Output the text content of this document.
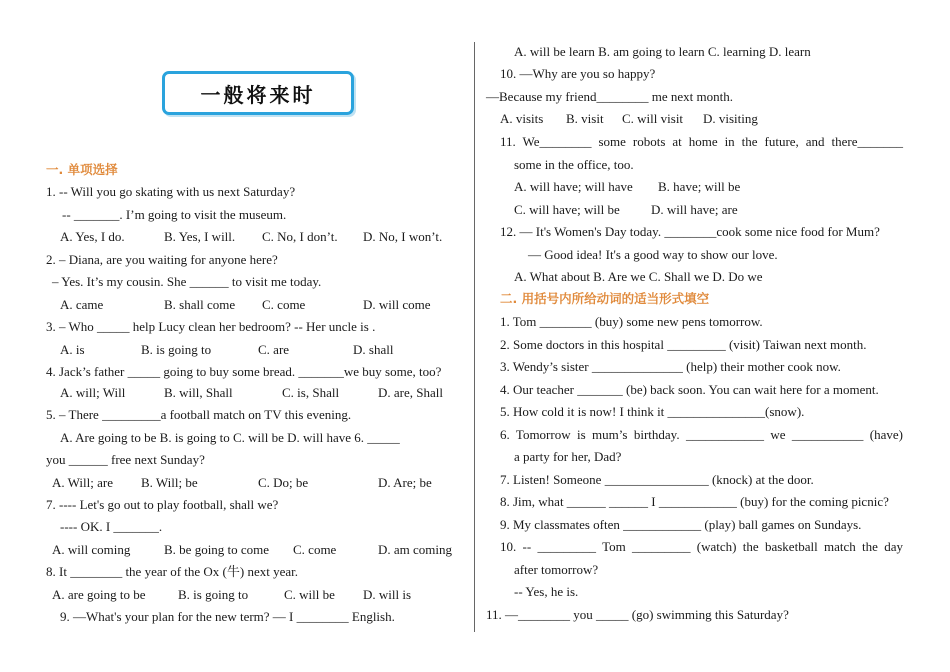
一般将来时
一. 单项选择
1. -- Will you go skating with us next Saturday?
-- _______. I’m going to visit the museum.
A. Yes, I do.	B. Yes, I will. C. No, I don’t. D. No, I won’t.
2. – Diana, are you waiting for anyone here?
– Yes. It’s my cousin. She ______ to visit me today.
A. came	B. shall come C. come	D. will come
3. – Who _____ help Lucy clean her bedroom? -- Her uncle is .
A. is	B. is going to	C. are	D. shall
4. Jack’s father _____ going to buy some bread. _______we buy some, too?
A. will; Will	B. will, Shall	C. is, Shall	D. are, Shall
5. – There _________a football match on TV this evening.
A. Are going to be B. is going to C. will be D. will have 6. _____
you ______ free next Sunday?
A. Will; are B. Will; be	C. Do; be	D. Are; be
7. ---- Let's go out to play football, shall we?
---- OK. I _______.
A. will coming	B. be going to come C. come	D. am coming
8. It ________ the year of the Ox (牛) next year.
A. are going to be B. is going to	C. will be D. will is
9. —What's your plan for the new term? — I ________ English.
A. will be learn B. am going to learn C. learning D. learn
10. —Why are you so happy?
—Because my friend________ me next month.
A. visits B. visit C. will visit D. visiting
11. We________ some robots at home in the future, and there_______
some in the office, too.
A. will have; will have B. have; will be
C. will have; will be D. will have; are
12. — It's Women's Day today. ________cook some nice food for Mum?
— Good idea! It's a good way to show our love.
A. What about B. Are we C. Shall we D. Do we
二. 用括号内所给动词的适当形式填空
1. Tom ________ (buy) some new pens tomorrow.
2. Some doctors in this hospital _________ (visit) Taiwan next month.
3. Wendy’s sister ______________ (help) their mother cook now.
4. Our teacher _______ (be) back soon. You can wait here for a moment.
5. How cold it is now! I think it _______________(snow).
6. Tomorrow is mum’s birthday. ____________ we ___________ (have)
a party for her, Dad?
7. Listen! Someone ________________ (knock) at the door.
8. Jim, what ______ ______ I ____________ (buy) for the coming picnic?
9. My classmates often ____________ (play) ball games on Sundays.
10. -- _________ Tom _________ (watch) the basketball match the day
after tomorrow?
-- Yes, he is.
11. —________ you _____ (go) swimming this Saturday?
